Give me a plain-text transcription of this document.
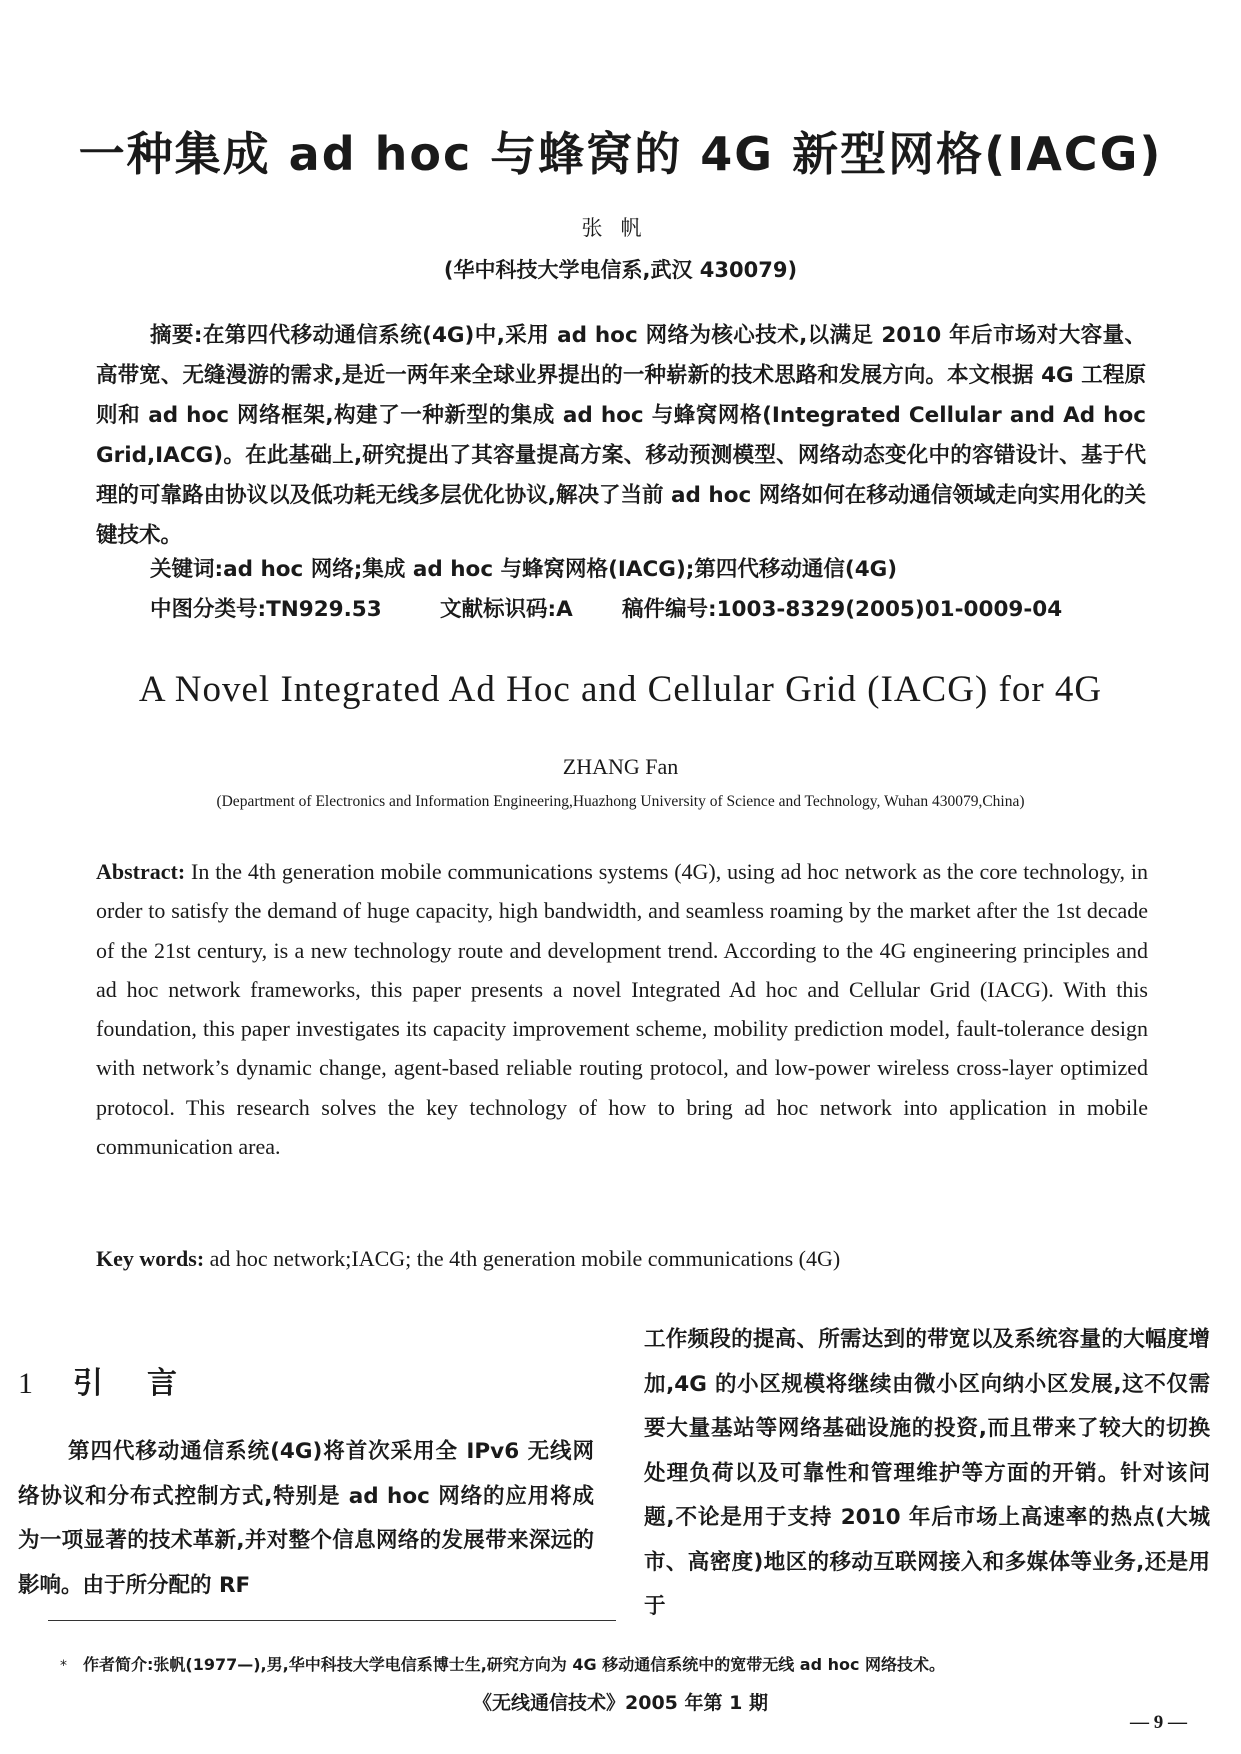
一种集成 ad hoc 与蜂窝的 4G 新型网格(IACG)
张帆
(华中科技大学电信系,武汉 430079)
摘要:在第四代移动通信系统(4G)中,采用 ad hoc 网络为核心技术,以满足 2010 年后市场对大容量、高带宽、无缝漫游的需求,是近一两年来全球业界提出的一种崭新的技术思路和发展方向。本文根据 4G 工程原则和 ad hoc 网络框架,构建了一种新型的集成 ad hoc 与蜂窝网格(Integrated Cellular and Ad hoc Grid,IACG)。在此基础上,研究提出了其容量提高方案、移动预测模型、网络动态变化中的容错设计、基于代理的可靠路由协议以及低功耗无线多层优化协议,解决了当前 ad hoc 网络如何在移动通信领域走向实用化的关键技术。
关键词:ad hoc 网络;集成 ad hoc 与蜂窝网格(IACG);第四代移动通信(4G)
中图分类号:TN929.53	文献标识码:A 稿件编号:1003-8329(2005)01-0009-04
A Novel Integrated Ad Hoc and Cellular Grid (IACG) for 4G
ZHANG Fan
(Department of Electronics and Information Engineering,Huazhong University of Science and Technology, Wuhan 430079,China)
Abstract: In the 4th generation mobile communications systems (4G), using ad hoc network as the core technology, in order to satisfy the demand of huge capacity, high bandwidth, and seamless roaming by the market after the 1st decade of the 21st century, is a new technology route and development trend. According to the 4G engineering principles and ad hoc network frameworks, this paper presents a novel Integrated Ad hoc and Cellular Grid (IACG). With this foundation, this paper investigates its capacity improvement scheme, mobility prediction model, fault-tolerance design with network’s dynamic change, agent-based reliable routing protocol, and low-power wireless cross-layer optimized protocol. This research solves the key technology of how to bring ad hoc network into application in mobile communication area.
Key words: ad hoc network;IACG; the 4th generation mobile communications (4G)
1 引言
第四代移动通信系统(4G)将首次采用全 IPv6 无线网络协议和分布式控制方式,特别是 ad hoc 网络的应用将成为一项显著的技术革新,并对整个信息网络的发展带来深远的影响。由于所分配的 RF
工作频段的提高、所需达到的带宽以及系统容量的大幅度增加,4G 的小区规模将继续由微小区向纳小区发展,这不仅需要大量基站等网络基础设施的投资,而且带来了较大的切换处理负荷以及可靠性和管理维护等方面的开销。针对该问题,不论是用于支持 2010 年后市场上高速率的热点(大城市、高密度)地区的移动互联网接入和多媒体等业务,还是用于
* 作者简介:张帆(1977—),男,华中科技大学电信系博士生,研究方向为 4G 移动通信系统中的宽带无线 ad hoc 网络技术。
《无线通信技术》2005 年第 1 期
— 9 —
